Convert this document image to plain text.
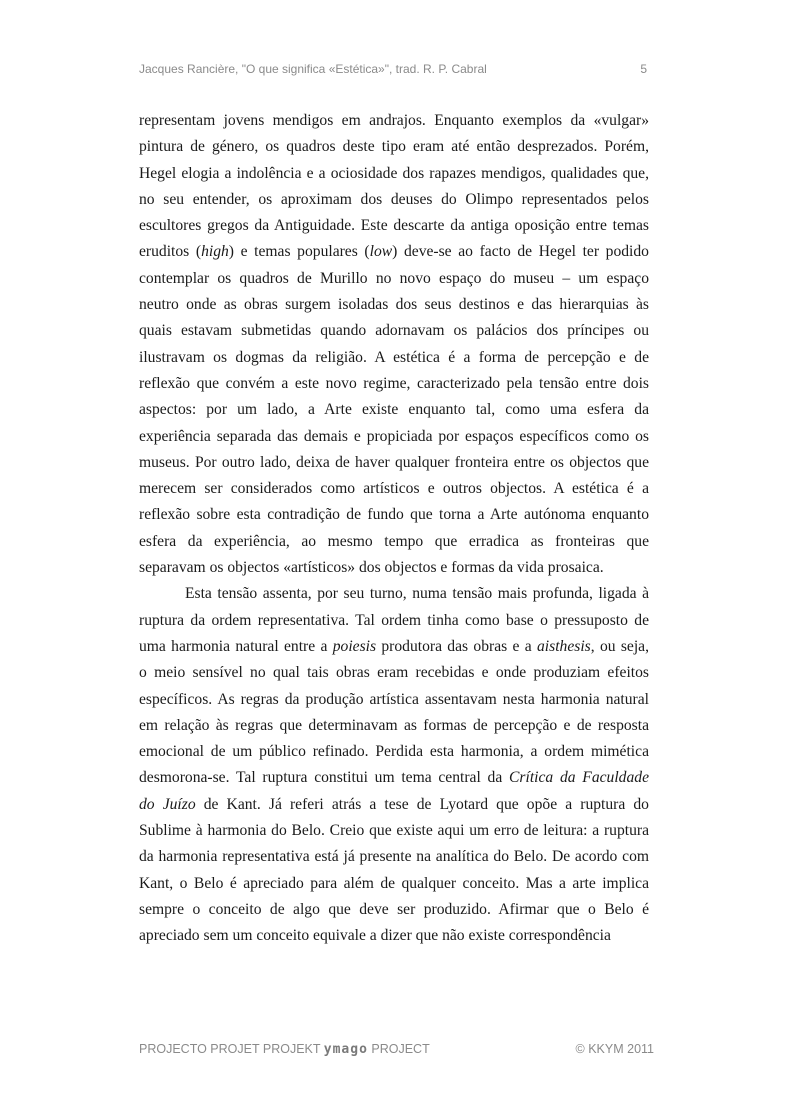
Jacques Rancière, "O que significa «Estética»", trad. R. P. Cabral	5
representam jovens mendigos em andrajos. Enquanto exemplos da «vulgar»
pintura de género, os quadros deste tipo eram até então desprezados. Porém,
Hegel elogia a indolência e a ociosidade dos rapazes mendigos, qualidades que,
no seu entender, os aproximam dos deuses do Olimpo representados pelos
escultores gregos da Antiguidade. Este descarte da antiga oposição entre temas
eruditos (high) e temas populares (low) deve-se ao facto de Hegel ter podido
contemplar os quadros de Murillo no novo espaço do museu – um espaço
neutro onde as obras surgem isoladas dos seus destinos e das hierarquias às
quais estavam submetidas quando adornavam os palácios dos príncipes ou
ilustravam os dogmas da religião. A estética é a forma de percepção e de
reflexão que convém a este novo regime, caracterizado pela tensão entre dois
aspectos: por um lado, a Arte existe enquanto tal, como uma esfera da
experiência separada das demais e propiciada por espaços específicos como os
museus. Por outro lado, deixa de haver qualquer fronteira entre os objectos que
merecem ser considerados como artísticos e outros objectos. A estética é a
reflexão sobre esta contradição de fundo que torna a Arte autónoma enquanto
esfera da experiência, ao mesmo tempo que erradica as fronteiras que
separavam os objectos «artísticos» dos objectos e formas da vida prosaica.
Esta tensão assenta, por seu turno, numa tensão mais profunda, ligada à
ruptura da ordem representativa. Tal ordem tinha como base o pressuposto de
uma harmonia natural entre a poiesis produtora das obras e a aisthesis, ou seja,
o meio sensível no qual tais obras eram recebidas e onde produziam efeitos
específicos. As regras da produção artística assentavam nesta harmonia natural
em relação às regras que determinavam as formas de percepção e de resposta
emocional de um público refinado. Perdida esta harmonia, a ordem mimética
desmorona-se. Tal ruptura constitui um tema central da Crítica da Faculdade
do Juízo de Kant. Já referi atrás a tese de Lyotard que opõe a ruptura do
Sublime à harmonia do Belo. Creio que existe aqui um erro de leitura: a ruptura
da harmonia representativa está já presente na analítica do Belo. De acordo com
Kant, o Belo é apreciado para além de qualquer conceito. Mas a arte implica
sempre o conceito de algo que deve ser produzido. Afirmar que o Belo é
apreciado sem um conceito equivale a dizer que não existe correspondência
PROJECTO PROJET PROJEKT ymago PROJECT	© KKYM 2011
